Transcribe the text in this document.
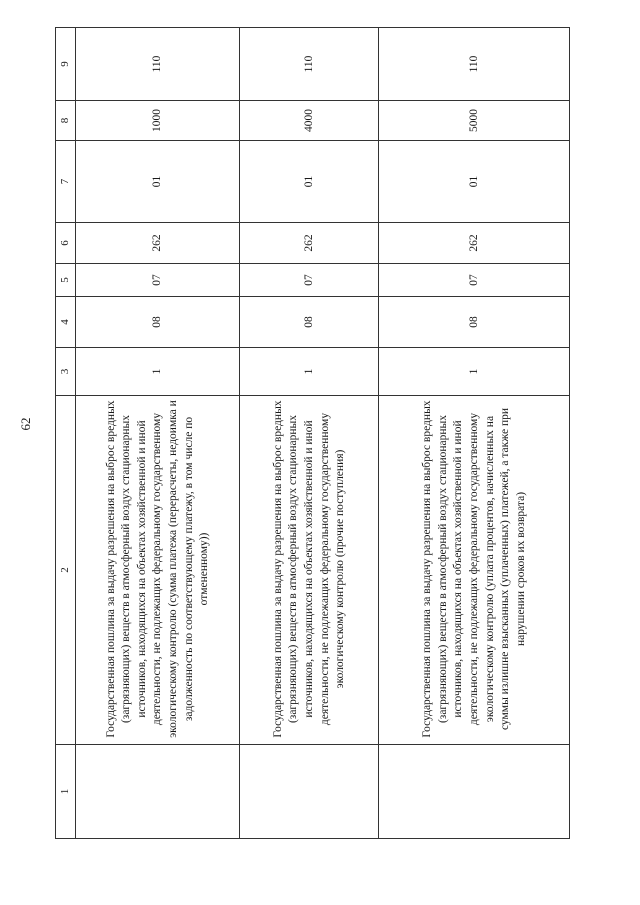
62
1	2	3	4	5	6	7	8	9
	Государственная пошлина за выдачу разрешения на выброс вредных (загрязняющих) веществ в атмосферный воздух стационарных источников, находящихся на объектах хозяйственной и иной деятельности, не подлежащих федеральному государственному экологическому контролю (сумма платежа (перерасчеты, недоимка и задолженность по соответствующему платежу, в том числе по отмененному))	1	08	07	262	01	1000	110
	Государственная пошлина за выдачу разрешения на выброс вредных (загрязняющих) веществ в атмосферный воздух стационарных источников, находящихся на объектах хозяйственной и иной деятельности, не подлежащих федеральному государственному экологическому контролю (прочие поступления)	1	08	07	262	01	4000	110
	Государственная пошлина за выдачу разрешения на выброс вредных (загрязняющих) веществ в атмосферный воздух стационарных источников, находящихся на объектах хозяйственной и иной деятельности, не подлежащих федеральному государственному экологическому контролю (уплата процентов, начисленных на суммы излишне взысканных (уплаченных) платежей, а также при нарушении сроков их возврата)	1	08	07	262	01	5000	110
